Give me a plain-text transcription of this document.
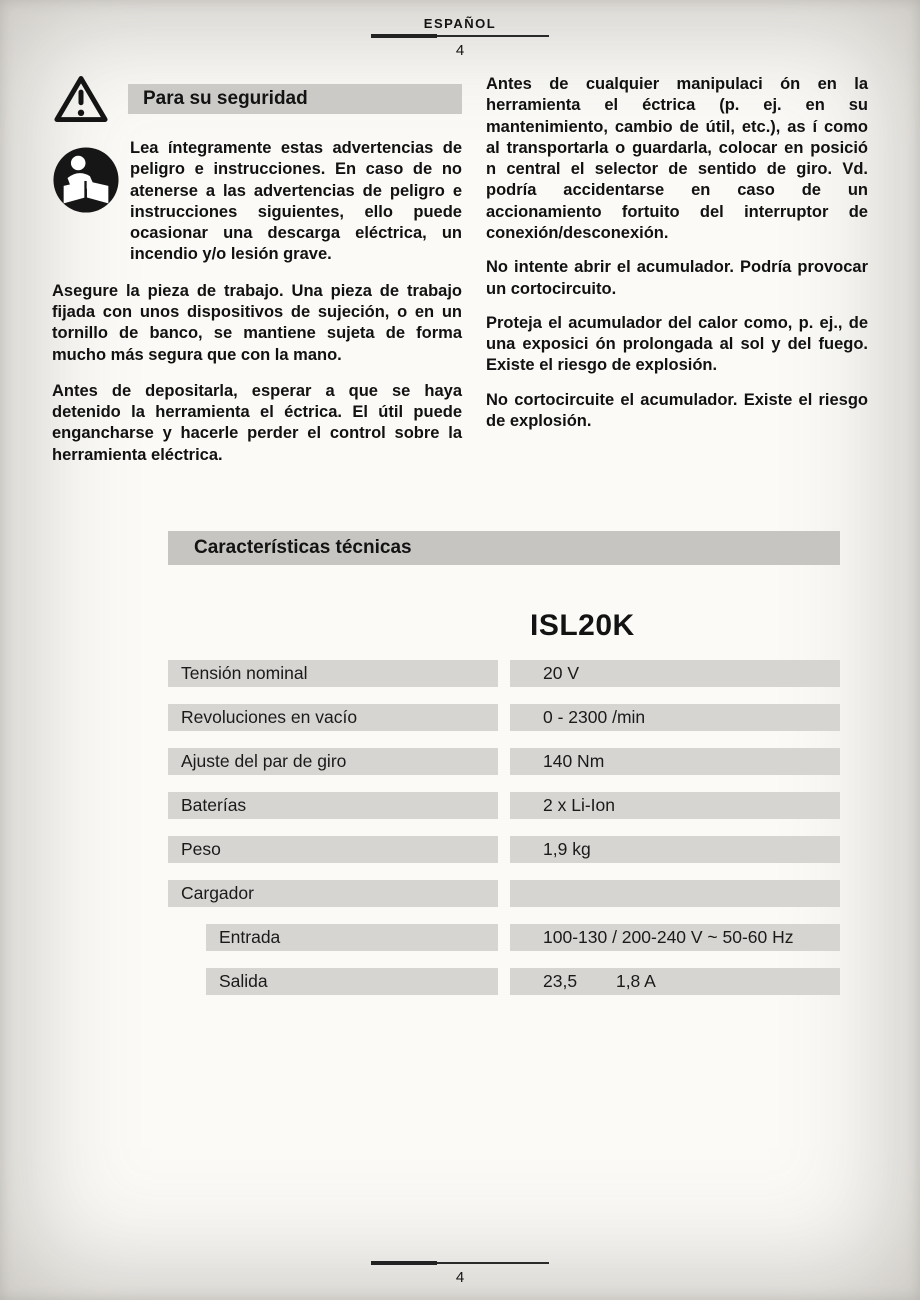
ESPAÑOL
4
Para su seguridad

Lea íntegramente estas advertencias de peligro e instrucciones. En caso de no atenerse a las advertencias de peligro e instrucciones siguientes, ello puede ocasionar una descarga eléctrica, un incendio y/o lesión grave.

Asegure la pieza de trabajo. Una pieza de trabajo fijada con unos dispositivos de sujeción, o en un tornillo de banco, se mantiene sujeta de forma mucho más segura que con la mano.

Antes de depositarla, esperar a que se haya detenido la herramienta el éctrica. El útil puede engancharse y hacerle perder el control sobre la herramienta eléctrica.

Antes de cualquier manipulaci ón en la herramienta el éctrica (p. ej. en su mantenimiento, cambio de útil, etc.), as í como al transportarla o guardarla, colocar en posició n central el selector de sentido de giro. Vd. podría accidentarse en caso de un accionamiento fortuito del interruptor de conexión/desconexión.

No intente abrir el acumulador. Podría provocar un cortocircuito.

Proteja el acumulador del calor como, p. ej., de una exposici ón prolongada al sol y del fuego. Existe el riesgo de explosión.

No cortocircuite el acumulador. Existe el riesgo de explosión.

Características técnicas
ISL20K
Tensión nominal	20 V
Revoluciones en vacío	0 - 2300 /min
Ajuste del par de giro	140 Nm
Baterías	2 x Li-Ion
Peso	1,9 kg
Cargador
Entrada	100-130 / 200-240 V ~ 50-60 Hz
Salida	23,5        1,8 A
4
